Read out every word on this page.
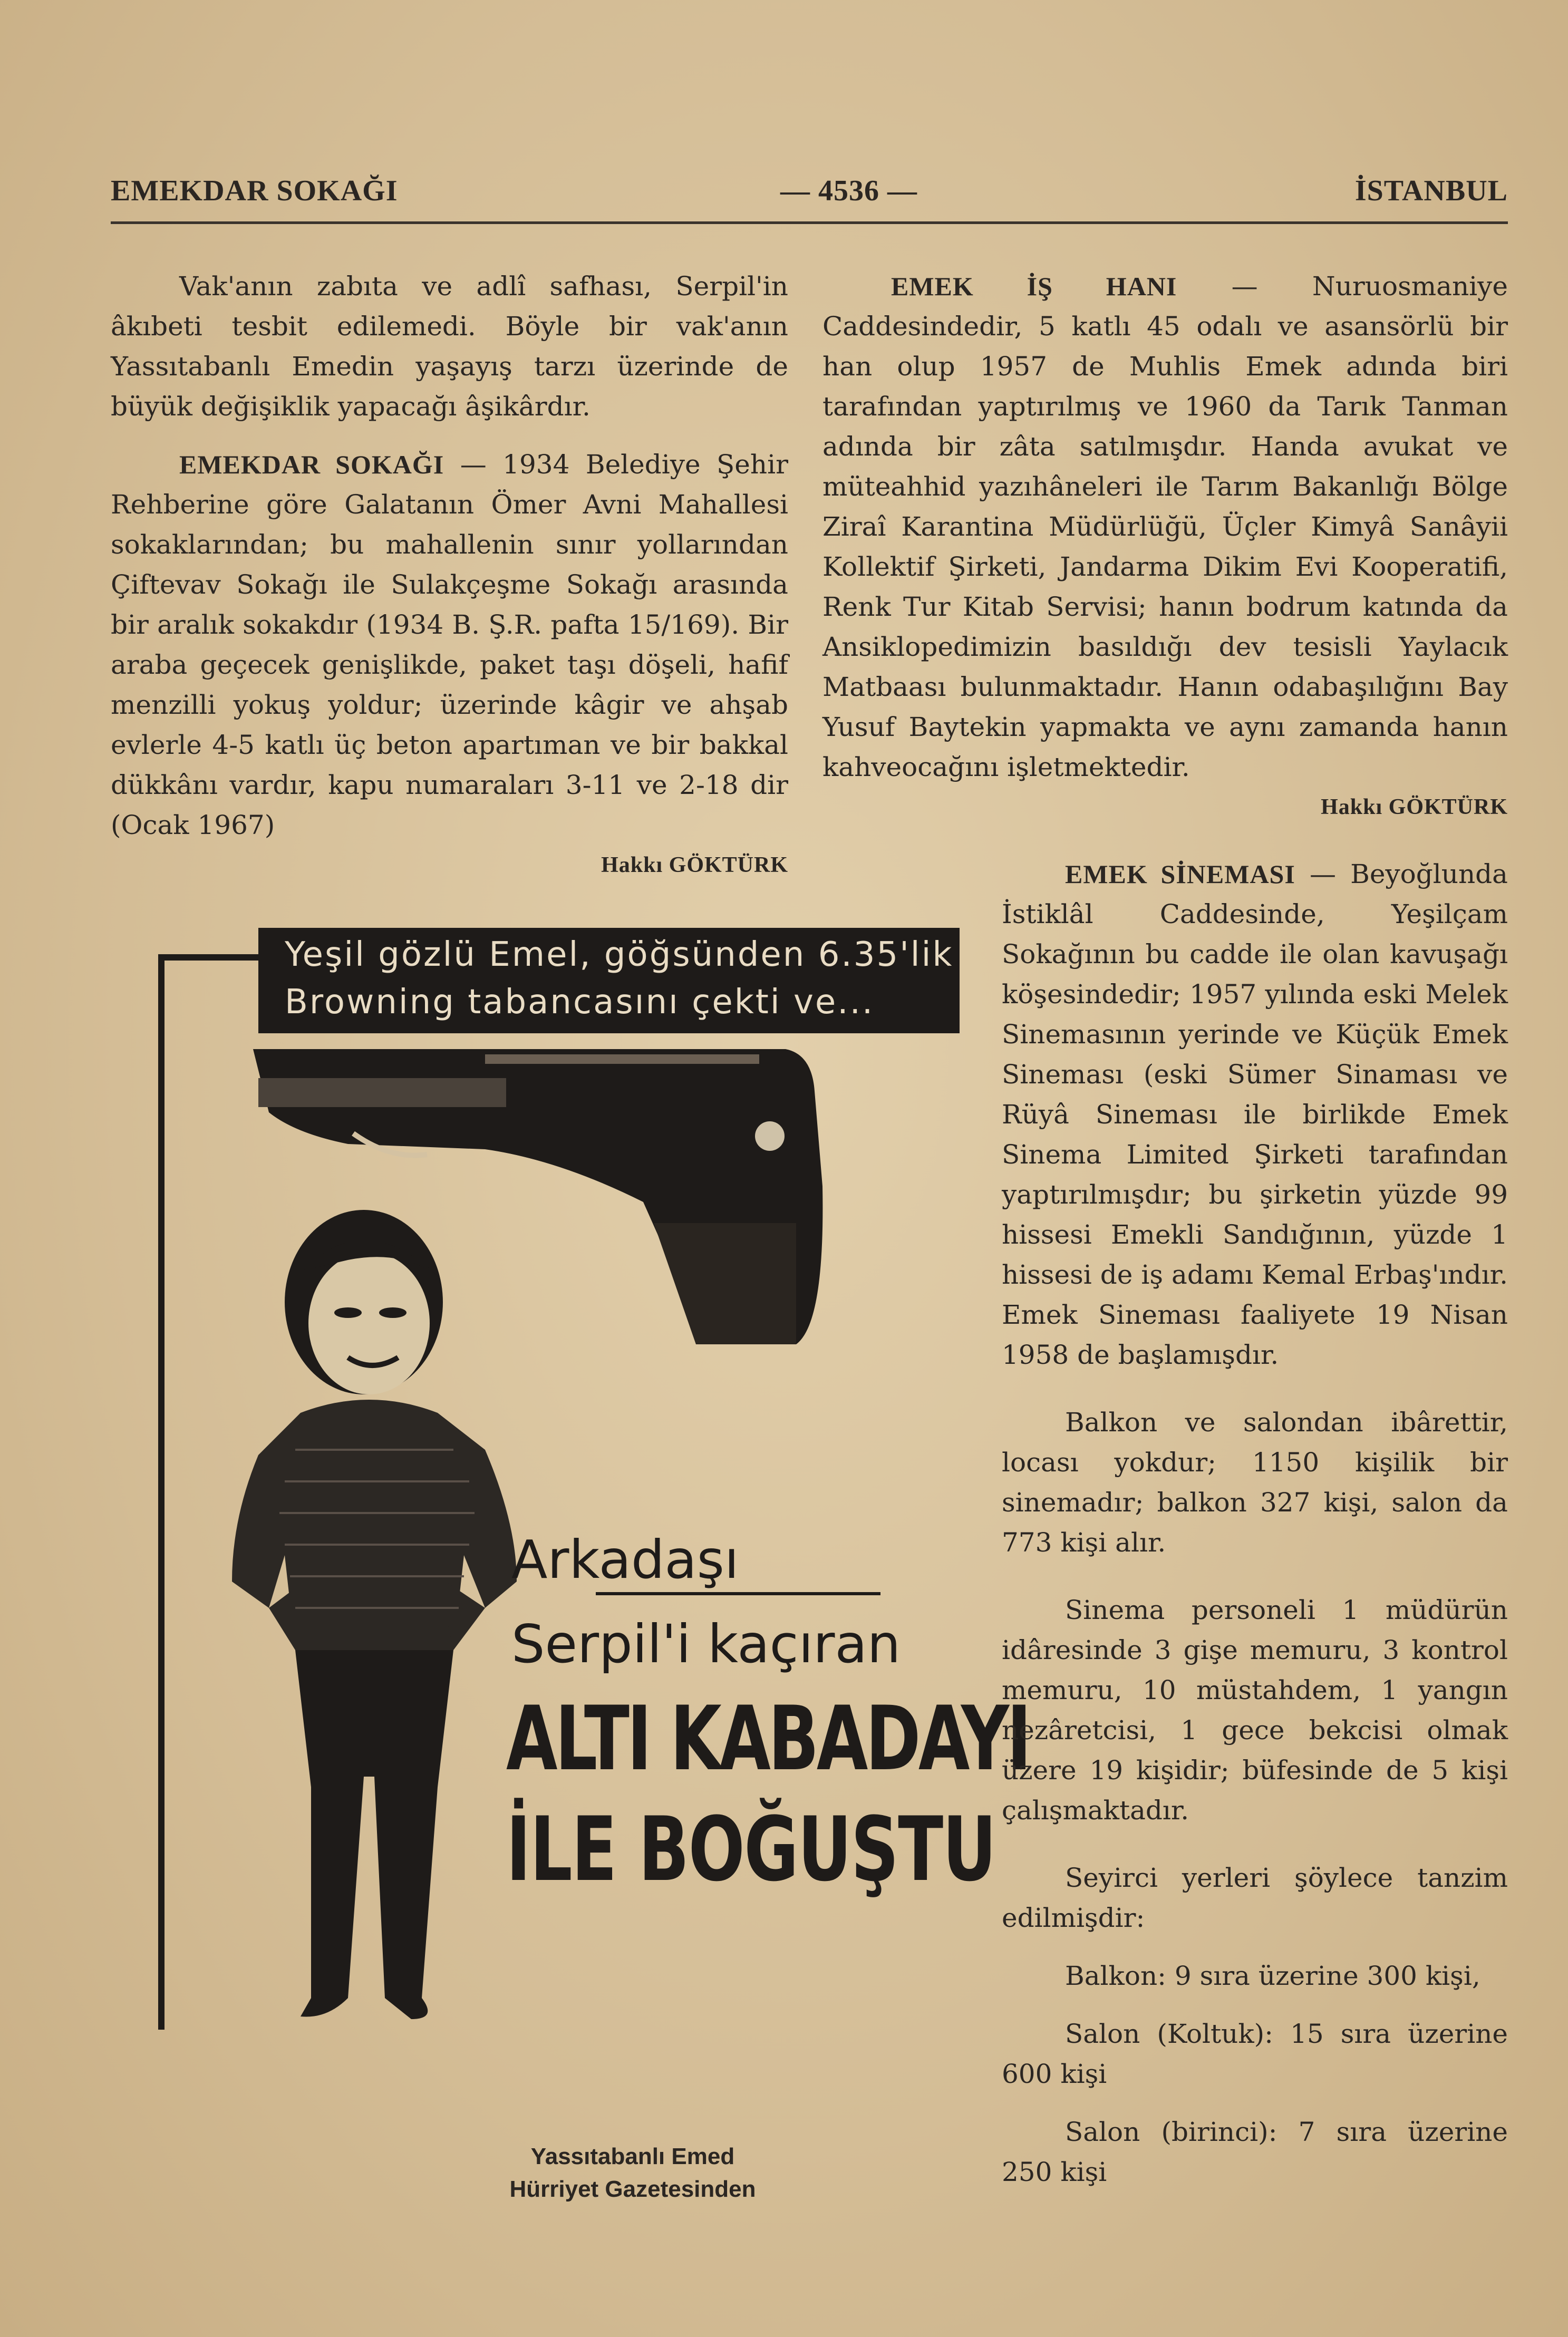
EMEKDAR SOKAĞI	— 4536 —	İSTANBUL

Vak'anın zabıta ve adlî safhası, Serpil'in âkıbeti tesbit edilemedi. Böyle bir vak'anın Yassıtabanlı Emedin yaşayış tarzı üzerinde de büyük değişiklik yapacağı âşikârdır.

EMEKDAR SOKAĞI — 1934 Belediye Şehir Rehberine göre Galatanın Ömer Avni Mahallesi sokaklarından; bu mahallenin sınır yollarından Çiftevav Sokağı ile Sulakçeşme Sokağı arasında bir aralık sokakdır (1934 B. Ş.R. pafta 15/169). Bir araba geçecek genişlikde, paket taşı döşeli, hafif menzilli yokuş yoldur; üzerinde kâgir ve ahşab evlerle 4-5 katlı üç beton apartıman ve bir bakkal dükkânı vardır, kapu numaraları 3-11 ve 2-18 dir (Ocak 1967)

Hakkı GÖKTÜRK

Yeşil gözlü Emel, göğsünden 6.35'lik
Browning tabancasını çekti ve...
Arkadaşı
Serpil'i kaçıran
ALTI KABADAYI
İLE BOĞUŞTU
Yassıtabanlı Emed
Hürriyet Gazetesinden

EMEK İŞ HANI — Nuruosmaniye Caddesindedir, 5 katlı 45 odalı ve asansörlü bir han olup 1957 de Muhlis Emek adında biri tarafından yaptırılmış ve 1960 da Tarık Tanman adında bir zâta satılmışdır. Handa avukat ve müteahhid yazıhâneleri ile Tarım Bakanlığı Bölge Ziraî Karantina Müdürlüğü, Üçler Kimyâ Sanâyii Kollektif Şirketi, Jandarma Dikim Evi Kooperatifi, Renk Tur Kitab Servisi; hanın bodrum katında da Ansiklopedimizin basıldığı dev tesisli Yaylacık Matbaası bulunmaktadır. Hanın odabaşılığını Bay Yusuf Baytekin yapmakta ve aynı zamanda hanın kahveocağını işletmektedir.

Hakkı GÖKTÜRK

EMEK SİNEMASI — Beyoğlunda İstiklâl Caddesinde, Yeşilçam Sokağının bu cadde ile olan kavuşağı köşesindedir; 1957 yılında eski Melek Sinemasının yerinde ve Küçük Emek Sineması (eski Sümer Sinaması ve Rüyâ Sineması ile birlikde Emek Sinema Limited Şirketi tarafından yaptırılmışdır; bu şirketin yüzde 99 hissesi Emekli Sandığının, yüzde 1 hissesi de iş adamı Kemal Erbaş'ındır. Emek Sineması faaliyete 19 Nisan 1958 de başlamışdır.

Balkon ve salondan ibârettir, locası yokdur; 1150 kişilik bir sinemadır; balkon 327 kişi, salon da 773 kişi alır.

Sinema personeli 1 müdürün idâresinde 3 gişe memuru, 3 kontrol memuru, 10 müstahdem, 1 yangın nezâretcisi, 1 gece bekcisi olmak üzere 19 kişidir; büfesinde de 5 kişi çalışmaktadır.

Seyirci yerleri şöylece tanzim edilmişdir:

Balkon: 9 sıra üzerine 300 kişi,

Salon (Koltuk): 15 sıra üzerine 600 kişi

Salon (birinci): 7 sıra üzerine 250 kişi
